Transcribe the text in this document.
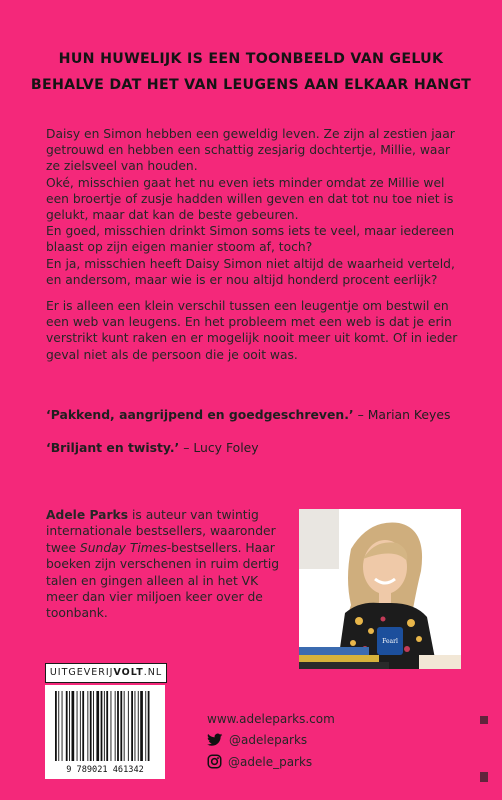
HUN HUWELIJK IS EEN TOONBEELD VAN GELUK
BEHALVE DAT HET VAN LEUGENS AAN ELKAAR HANGT

Daisy en Simon hebben een geweldig leven. Ze zijn al zestien jaar getrouwd en hebben een schattig zesjarig dochtertje, Millie, waar ze zielsveel van houden.

Oké, misschien gaat het nu even iets minder omdat ze Millie wel een broertje of zusje hadden willen geven en dat tot nu toe niet is gelukt, maar dat kan de beste gebeuren.

En goed, misschien drinkt Simon soms iets te veel, maar iedereen blaast op zijn eigen manier stoom af, toch?

En ja, misschien heeft Daisy Simon niet altijd de waarheid verteld, en andersom, maar wie is er nou altijd honderd procent eerlijk?

Er is alleen een klein verschil tussen een leugentje om bestwil en een web van leugens. En het probleem met een web is dat je erin verstrikt kunt raken en er mogelijk nooit meer uit komt. Of in ieder geval niet als de persoon die je ooit was.

‘Pakkend, aangrijpend en goedgeschreven.’ – Marian Keyes
‘Briljant en twisty.’ – Lucy Foley
Adele Parks is auteur van twintig internationale bestsellers, waaronder twee Sunday Times-bestsellers. Haar boeken zijn verschenen in ruim dertig talen en gingen alleen al in het VK meer dan vier miljoen keer over de toonbank.
Fearl
UITGEVERIJVOLT.NL
9 789021 461342
www.adeleparks.com
@adeleparks
@adele_parks
